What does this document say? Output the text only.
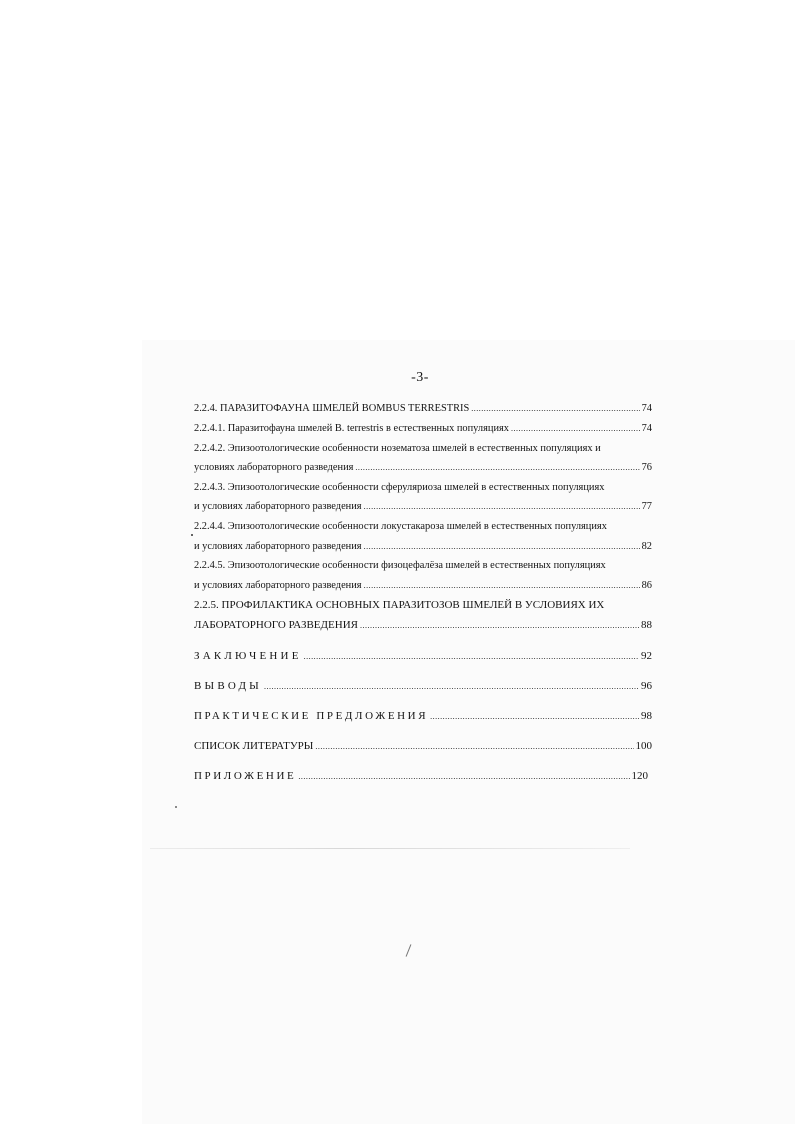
-3-
2.2.4. ПАРАЗИТОФАУНА ШМЕЛЕЙ BOMBUS TERRESTRIS .....	74
2.2.4.1. Паразитофауна шмелей B. terrestris в естественных популяциях .....	74
2.2.4.2. Эпизоотологические особенности нозематоза шмелей в естественных популяциях и
условиях лабораторного разведения .....	76
2.2.4.3. Эпизоотологические особенности сферуляриоза шмелей в естественных популяциях
и условиях лабораторного разведения .....	77
2.2.4.4. Эпизоотологические особенности локустакароза шмелей в естественных популяциях
и условиях лабораторного разведения .....	82
2.2.4.5. Эпизоотологические особенности физоцефалёза шмелей в естественных популяциях
и условиях лабораторного разведения .....	86
2.2.5. ПРОФИЛАКТИКА ОСНОВНЫХ ПАРАЗИТОЗОВ ШМЕЛЕЙ В УСЛОВИЯХ ИХ
ЛАБОРАТОРНОГО РАЗВЕДЕНИЯ .....	88
ЗАКЛЮЧЕНИЕ .....	92
ВЫВОДЫ .....	96
ПРАКТИЧЕСКИЕ ПРЕДЛОЖЕНИЯ .....	98
СПИСОК ЛИТЕРАТУРЫ .....	100
ПРИЛОЖЕНИЕ .....	120
